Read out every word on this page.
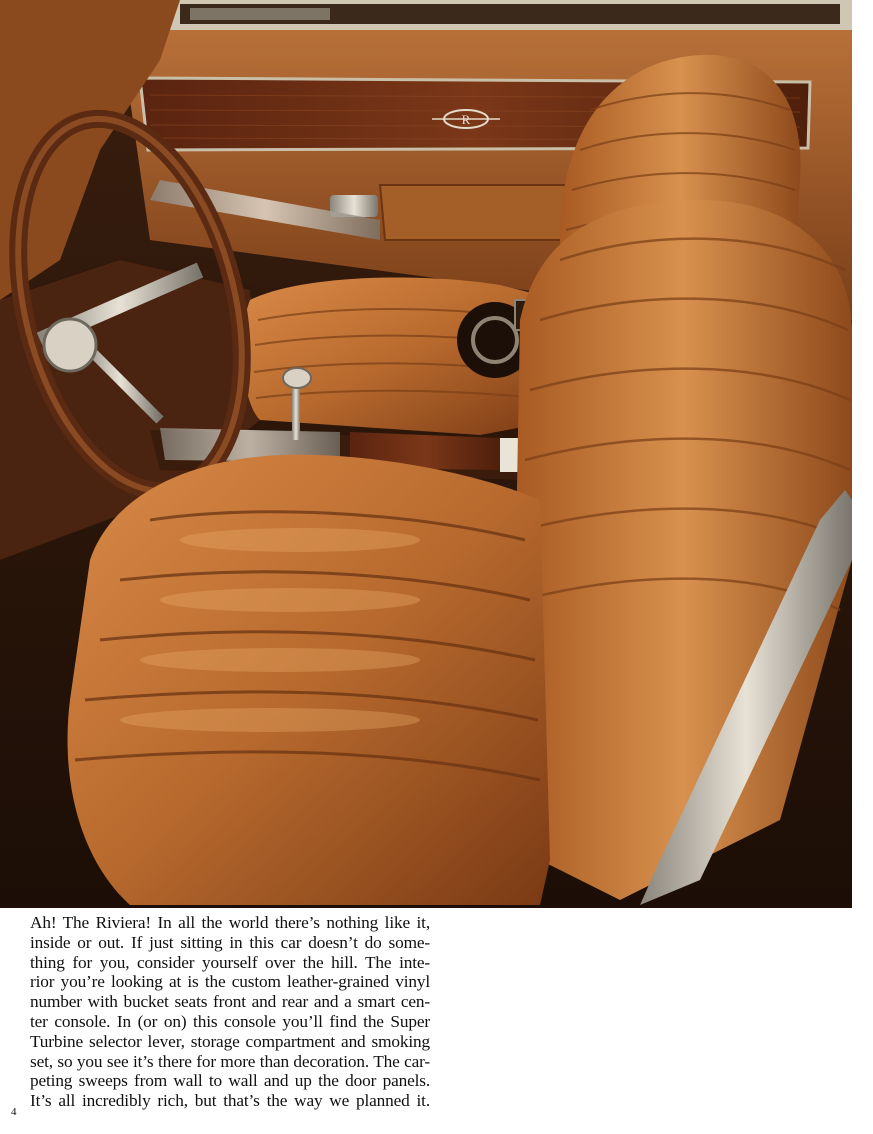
R

Ah! The Riviera! In all the world there’s nothing like it,
inside or out. If just sitting in this car doesn’t do some-
thing for you, consider yourself over the hill. The inte-
rior you’re looking at is the custom leather-grained vinyl
number with bucket seats front and rear and a smart cen-
ter console. In (or on) this console you’ll find the Super
Turbine selector lever, storage compartment and smoking
set, so you see it’s there for more than decoration. The car-
peting sweeps from wall to wall and up the door panels.
It’s all incredibly rich, but that’s the way we planned it.

4
